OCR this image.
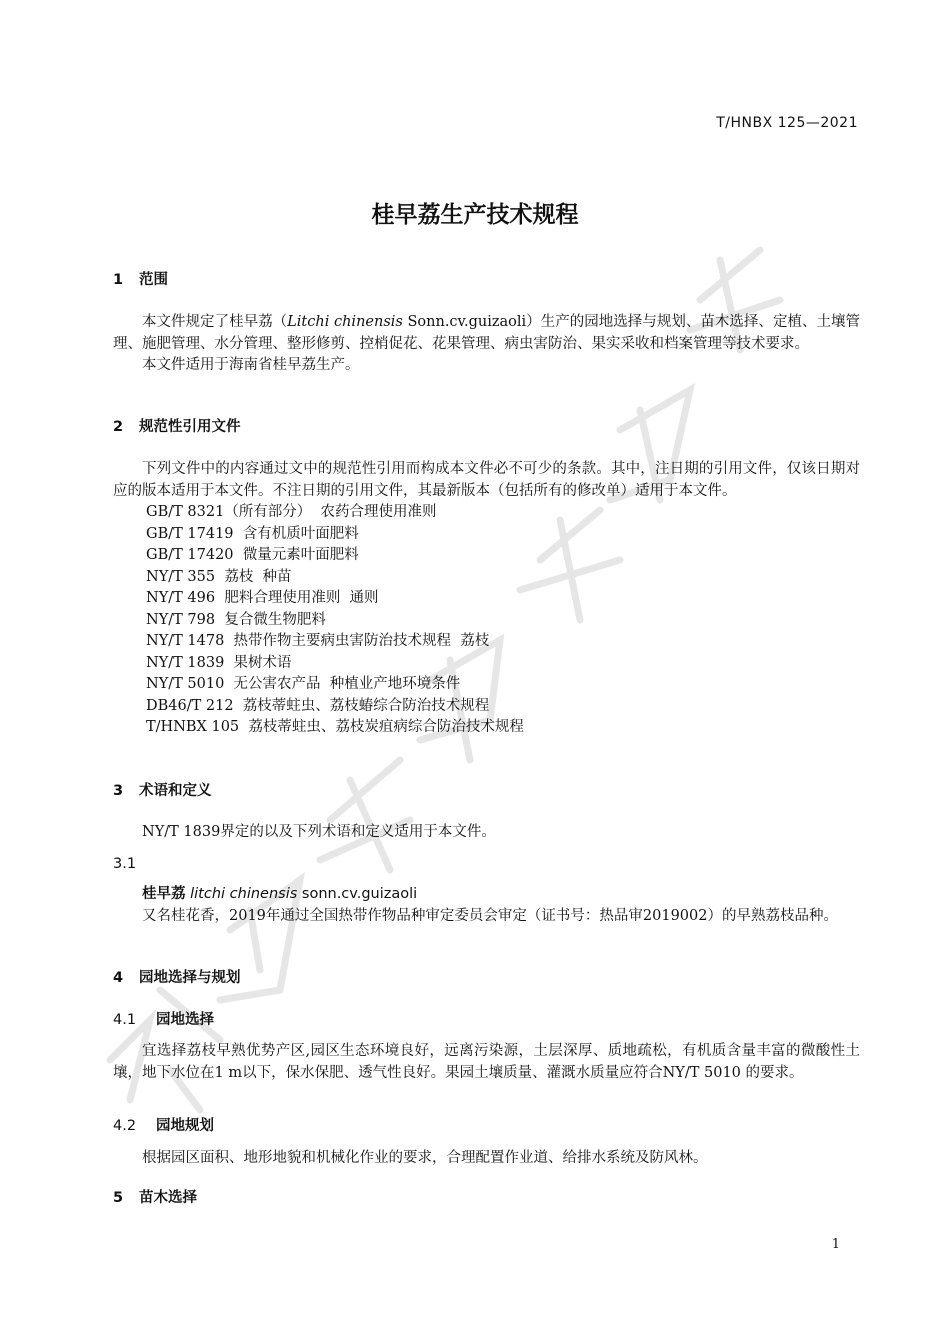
T/HNBX 125—2021
桂早荔生产技术规程
1 范围

本文件规定了桂早荔（Litchi chinensis Sonn.cv.guizaoli）生产的园地选择与规划、苗木选择、定植、土壤管理、施肥管理、水分管理、整形修剪、控梢促花、花果管理、病虫害防治、果实采收和档案管理等技术要求。

本文件适用于海南省桂早荔生产。

2 规范性引用文件

下列文件中的内容通过文中的规范性引用而构成本文件必不可少的条款。其中，注日期的引用文件，仅该日期对应的版本适用于本文件。不注日期的引用文件，其最新版本（包括所有的修改单）适用于本文件。

GB/T 8321（所有部分）  农药合理使用准则
GB/T 17419  含有机质叶面肥料
GB/T 17420  微量元素叶面肥料
NY/T 355  荔枝  种苗
NY/T 496  肥料合理使用准则  通则
NY/T 798  复合微生物肥料
NY/T 1478  热带作物主要病虫害防治技术规程  荔枝
NY/T 1839  果树术语
NY/T 5010  无公害农产品  种植业产地环境条件
DB46/T 212  荔枝蒂蛀虫、荔枝蝽综合防治技术规程
T/HNBX 105  荔枝蒂蛀虫、荔枝炭疽病综合防治技术规程
3 术语和定义

NY/T 1839界定的以及下列术语和定义适用于本文件。

3.1

桂早荔 litchi chinensis sonn.cv.guizaoli

又名桂花香，2019年通过全国热带作物品种审定委员会审定（证书号：热品审2019002）的早熟荔枝品种。

4 园地选择与规划
4.1 园地选择

宜选择荔枝早熟优势产区,园区生态环境良好，远离污染源，土层深厚、质地疏松，有机质含量丰富的微酸性土壤，地下水位在1 m以下，保水保肥、透气性良好。果园土壤质量、灌溉水质量应符合NY/T 5010 的要求。

4.2 园地规划

根据园区面积、地形地貌和机械化作业的要求，合理配置作业道、给排水系统及防风林。

5 苗木选择
1
